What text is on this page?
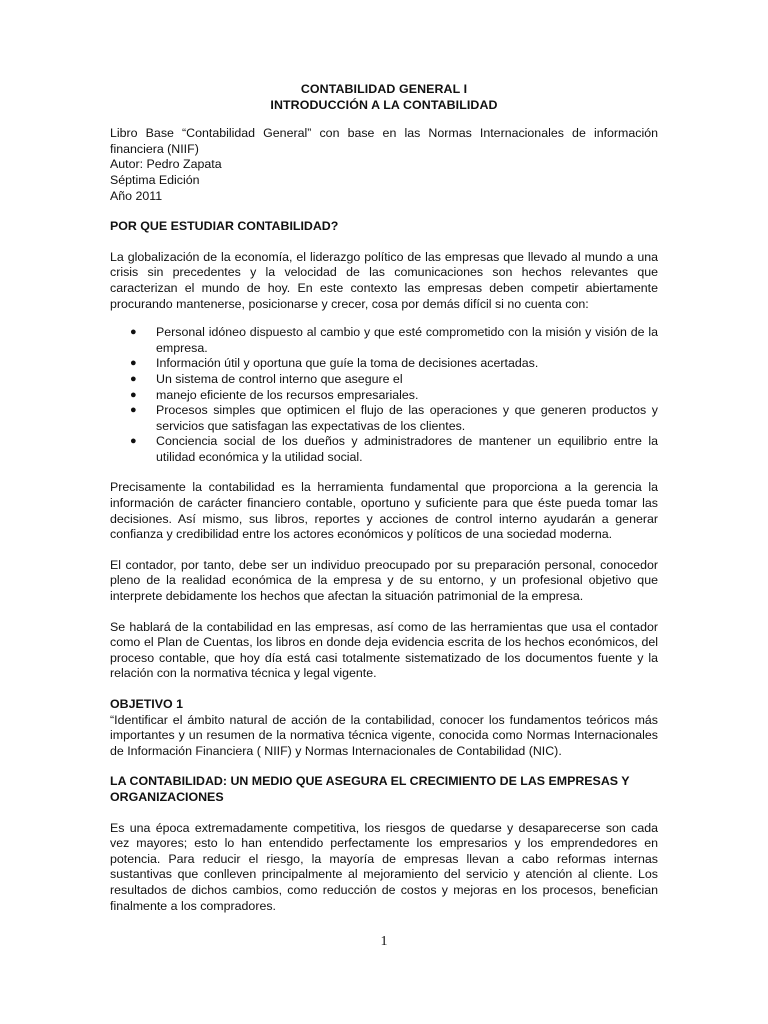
CONTABILIDAD GENERAL I

INTRODUCCIÓN A LA CONTABILIDAD

Libro Base “Contabilidad General” con base en las Normas Internacionales de información financiera (NIIF)

Autor: Pedro Zapata

Séptima Edición

Año 2011

POR QUE ESTUDIAR CONTABILIDAD?

La globalización de la economía, el liderazgo político de las empresas que llevado al mundo a una crisis sin precedentes y la velocidad de las comunicaciones son hechos relevantes que caracterizan el mundo de hoy. En este contexto las empresas deben competir abiertamente procurando mantenerse, posicionarse y crecer, cosa por demás difícil si no cuenta con:

● Personal idóneo dispuesto al cambio y que esté comprometido con la misión y visión de la empresa.
● Información útil y oportuna que guíe la toma de decisiones acertadas.
● Un sistema de control interno que asegure el
● manejo eficiente de los recursos empresariales.
● Procesos simples que optimicen el flujo de las operaciones y que generen productos y servicios que satisfagan las expectativas de los clientes.
● Conciencia social de los dueños y administradores de mantener un equilibrio entre la utilidad económica y la utilidad social.

Precisamente la contabilidad es la herramienta fundamental que proporciona a la gerencia la información de carácter financiero contable, oportuno y suficiente para que éste pueda tomar las decisiones. Así mismo, sus libros, reportes y acciones de control interno ayudarán a generar confianza y credibilidad entre los actores económicos y políticos de una sociedad moderna.

El contador, por tanto, debe ser un individuo preocupado por su preparación personal, conocedor pleno de la realidad económica de la empresa y de su entorno, y un profesional objetivo que interprete debidamente los hechos que afectan la situación patrimonial de la empresa.

Se hablará de la contabilidad en las empresas, así como de las herramientas que usa el contador como el Plan de Cuentas, los libros en donde deja evidencia escrita de los hechos económicos, del proceso contable, que hoy día está casi totalmente sistematizado de los documentos fuente y la relación con la normativa técnica y legal vigente.

OBJETIVO 1

“Identificar el ámbito natural de acción de la contabilidad, conocer los fundamentos teóricos más importantes y un resumen de la normativa técnica vigente, conocida como Normas Internacionales de Información Financiera ( NIIF) y Normas Internacionales de Contabilidad (NIC).

LA CONTABILIDAD: UN MEDIO QUE ASEGURA EL CRECIMIENTO DE LAS EMPRESAS Y ORGANIZACIONES

Es una época extremadamente competitiva, los riesgos de quedarse y desaparecerse son cada vez mayores; esto lo han entendido perfectamente los empresarios y los emprendedores en potencia. Para reducir el riesgo, la mayoría de empresas llevan a cabo reformas internas sustantivas que conlleven principalmente al mejoramiento del servicio y atención al cliente. Los resultados de dichos cambios, como reducción de costos y mejoras en los procesos, benefician finalmente a los compradores.

1
